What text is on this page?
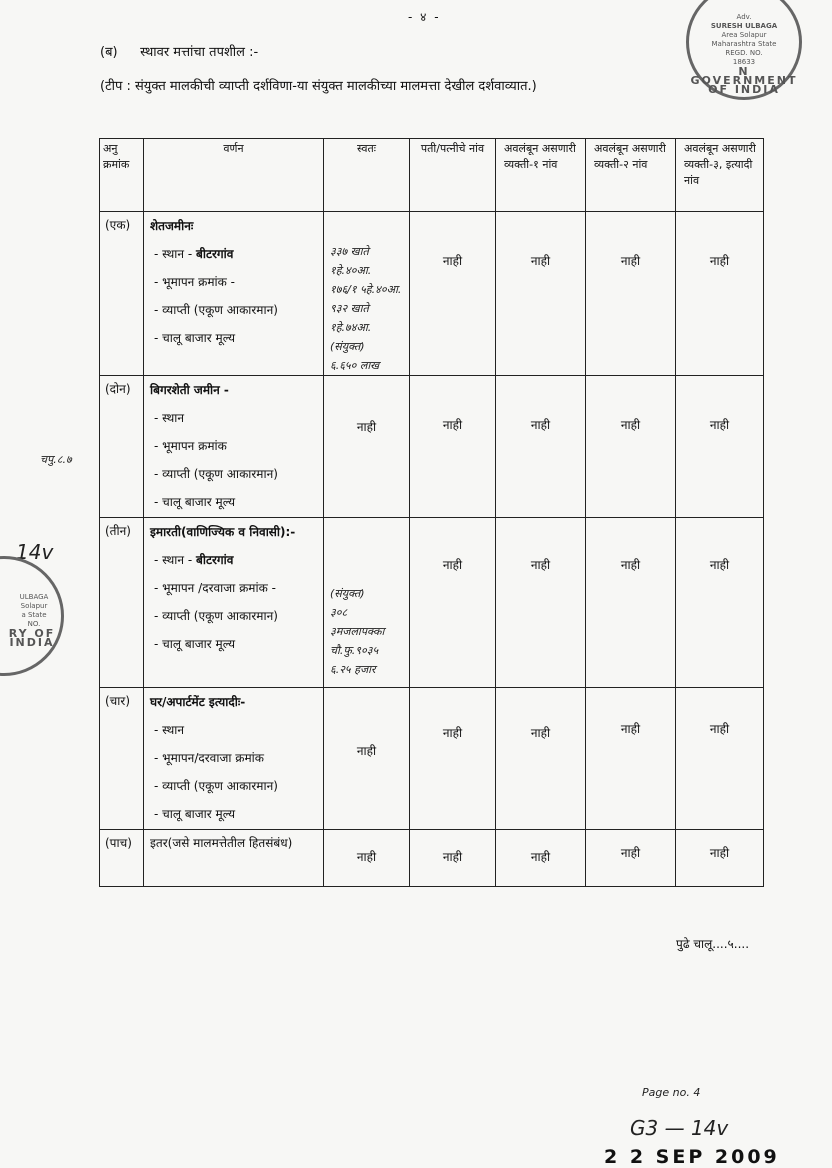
- ४ -
(ब) स्थावर मत्तांचा तपशील :-
(टीप : संयुक्त मालकीची व्याप्ती दर्शविणा-या संयुक्त मालकीच्या मालमत्ता देखील दर्शवाव्यात.)
अनु क्रमांक	वर्णन	स्वतः	पती/पत्नीचे नांव	अवलंबून असणारी व्यक्ती-१ नांव	अवलंबून असणारी व्यक्ती-२ नांव	अवलंबून असणारी व्यक्ती-३, इत्यादी नांव
(एक)	शेतजमीनः
- स्थान - बीटरगांव
- भूमापन क्रमांक -
- व्याप्ती (एकूण आकारमान)
- चालू बाजार मूल्य	३३७ खाते १हे.४०आ.
१७६/१ ५हे.४०आ.
९३२ खाते १हे.७४आ.
(संयुक्त)
६.६५० लाख	नाही	नाही	नाही	नाही
(दोन)	बिगरशेती जमीन -
- स्थान
- भूमापन क्रमांक
- व्याप्ती (एकूण आकारमान)
- चालू बाजार मूल्य	नाही	नाही	नाही	नाही	नाही
(तीन)	इमारती(वाणिज्यिक व निवासी):-
- स्थान - बीटरगांव
- भूमापन /दरवाजा क्रमांक -
- व्याप्ती (एकूण आकारमान)
- चालू बाजार मूल्य	(संयुक्त)
३०८
३मजलापक्का
चौ.फु.९०३५
६.२५ हजार	नाही	नाही	नाही	नाही
(चार)	घर/अपार्टमेंट इत्यादीः-
- स्थान
- भूमापन/दरवाजा क्रमांक
- व्याप्ती (एकूण आकारमान)
- चालू बाजार मूल्य	नाही	नाही	नाही	नाही	नाही
(पाच)	इतर(जसे मालमत्तेतील हितसंबंध)	नाही	नाही	नाही	नाही	नाही
पुढे चालू....५....
Page no. 4
G3 — 14v
2 2 SEP 2009
चपु.८.७
14v
Adv.
SURESH ULBAGA
Area Solapur
Maharashtra State
REGD. NO.
18633
N GOVERNMENT OF INDIA
ULBAGA
Solapur
a State
NO.
RY OF INDIA
